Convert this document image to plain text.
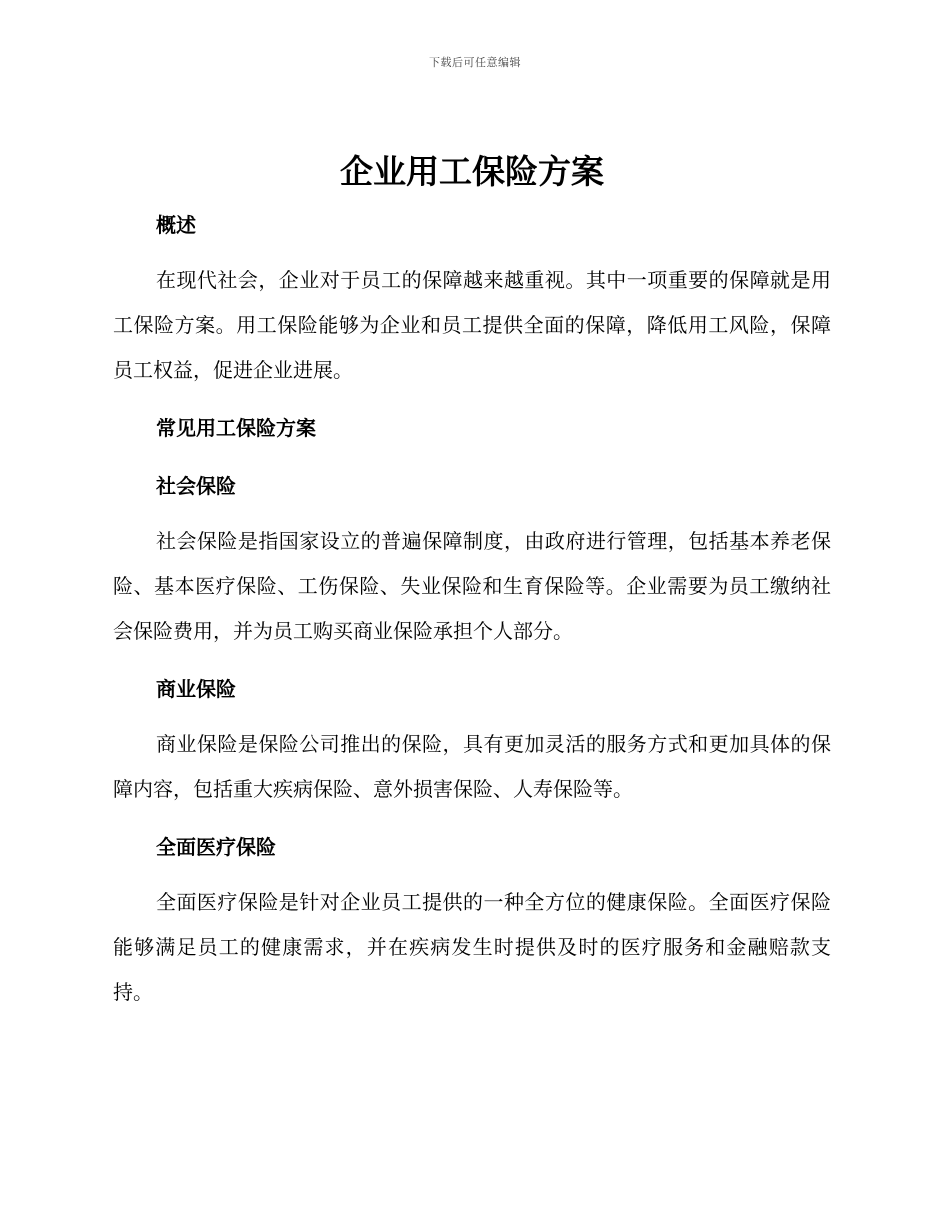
下载后可任意编辑
企业用工保险方案
概述

在现代社会，企业对于员工的保障越来越重视。其中一项重要的保障就是用工保险方案。用工保险能够为企业和员工提供全面的保障，降低用工风险，保障员工权益，促进企业进展。

常见用工保险方案
社会保险

社会保险是指国家设立的普遍保障制度，由政府进行管理，包括基本养老保险、基本医疗保险、工伤保险、失业保险和生育保险等。企业需要为员工缴纳社会保险费用，并为员工购买商业保险承担个人部分。

商业保险

商业保险是保险公司推出的保险，具有更加灵活的服务方式和更加具体的保障内容，包括重大疾病保险、意外损害保险、人寿保险等。

全面医疗保险

全面医疗保险是针对企业员工提供的一种全方位的健康保险。全面医疗保险能够满足员工的健康需求，并在疾病发生时提供及时的医疗服务和金融赔款支持。
